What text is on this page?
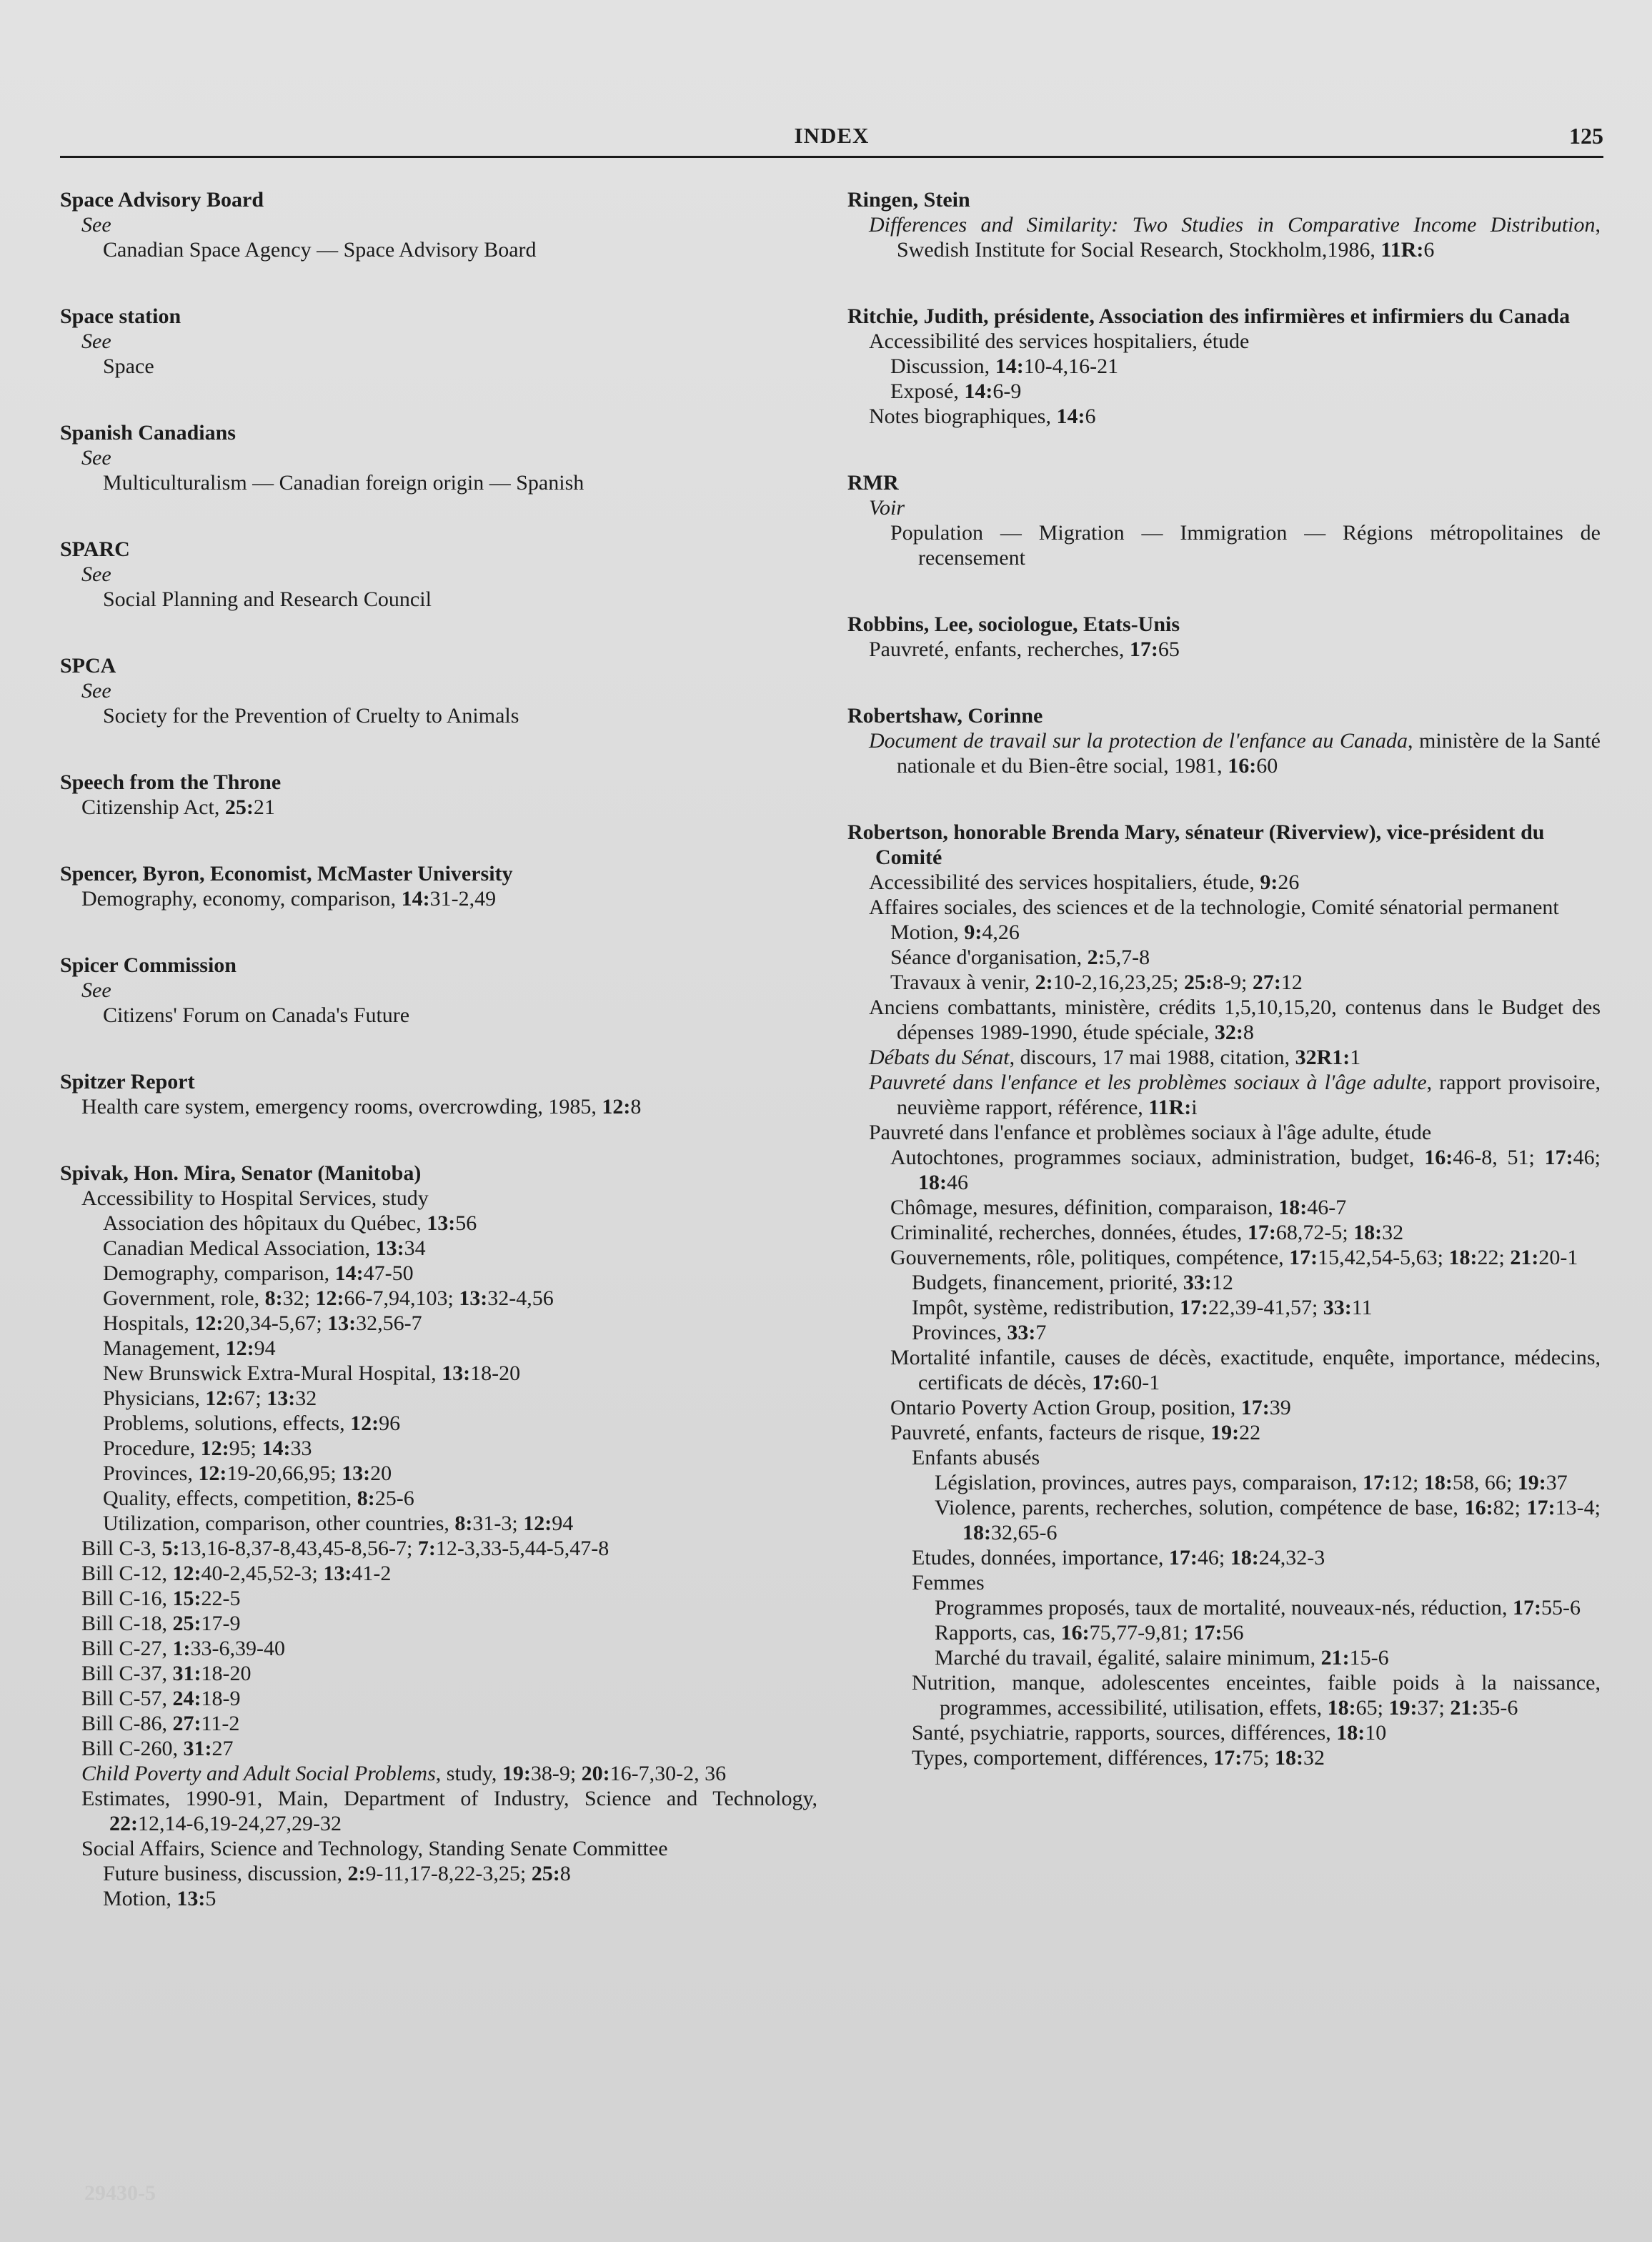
INDEX	125
Space Advisory Board
See
Canadian Space Agency — Space Advisory Board
Space station
See
Space
Spanish Canadians
See
Multiculturalism — Canadian foreign origin — Spanish
SPARC
See
Social Planning and Research Council
SPCA
See
Society for the Prevention of Cruelty to Animals
Speech from the Throne
Citizenship Act, 25:21
Spencer, Byron, Economist, McMaster University
Demography, economy, comparison, 14:31-2,49
Spicer Commission
See
Citizens' Forum on Canada's Future
Spitzer Report
Health care system, emergency rooms, overcrowding, 1985, 12:8
Spivak, Hon. Mira, Senator (Manitoba)
Accessibility to Hospital Services, study
Association des hôpitaux du Québec, 13:56
Canadian Medical Association, 13:34
Demography, comparison, 14:47-50
Government, role, 8:32; 12:66-7,94,103; 13:32-4,56
Hospitals, 12:20,34-5,67; 13:32,56-7
Management, 12:94
New Brunswick Extra-Mural Hospital, 13:18-20
Physicians, 12:67; 13:32
Problems, solutions, effects, 12:96
Procedure, 12:95; 14:33
Provinces, 12:19-20,66,95; 13:20
Quality, effects, competition, 8:25-6
Utilization, comparison, other countries, 8:31-3; 12:94
Bill C-3, 5:13,16-8,37-8,43,45-8,56-7; 7:12-3,33-5,44-5,47-8
Bill C-12, 12:40-2,45,52-3; 13:41-2
Bill C-16, 15:22-5
Bill C-18, 25:17-9
Bill C-27, 1:33-6,39-40
Bill C-37, 31:18-20
Bill C-57, 24:18-9
Bill C-86, 27:11-2
Bill C-260, 31:27
Child Poverty and Adult Social Problems, study, 19:38-9; 20:16-7,30-2, 36
Estimates, 1990-91, Main, Department of Industry, Science and Technology, 22:12,14-6,19-24,27,29-32
Social Affairs, Science and Technology, Standing Senate Committee
Future business, discussion, 2:9-11,17-8,22-3,25; 25:8
Motion, 13:5
Ringen, Stein
Differences and Similarity: Two Studies in Comparative Income Distribution, Swedish Institute for Social Research, Stockholm,1986, 11R:6
Ritchie, Judith, présidente, Association des infirmières et infirmiers du Canada
Accessibilité des services hospitaliers, étude
Discussion, 14:10-4,16-21
Exposé, 14:6-9
Notes biographiques, 14:6
RMR
Voir
Population — Migration — Immigration — Régions métropolitaines de recensement
Robbins, Lee, sociologue, Etats-Unis
Pauvreté, enfants, recherches, 17:65
Robertshaw, Corinne
Document de travail sur la protection de l'enfance au Canada, ministère de la Santé nationale et du Bien-être social, 1981, 16:60
Robertson, honorable Brenda Mary, sénateur (Riverview), vice-président du Comité
Accessibilité des services hospitaliers, étude, 9:26
Affaires sociales, des sciences et de la technologie, Comité sénatorial permanent
Motion, 9:4,26
Séance d'organisation, 2:5,7-8
Travaux à venir, 2:10-2,16,23,25; 25:8-9; 27:12
Anciens combattants, ministère, crédits 1,5,10,15,20, contenus dans le Budget des dépenses 1989-1990, étude spéciale, 32:8
Débats du Sénat, discours, 17 mai 1988, citation, 32R1:1
Pauvreté dans l'enfance et les problèmes sociaux à l'âge adulte, rapport provisoire, neuvième rapport, référence, 11R:i
Pauvreté dans l'enfance et problèmes sociaux à l'âge adulte, étude
Autochtones, programmes sociaux, administration, budget, 16:46-8, 51; 17:46; 18:46
Chômage, mesures, définition, comparaison, 18:46-7
Criminalité, recherches, données, études, 17:68,72-5; 18:32
Gouvernements, rôle, politiques, compétence, 17:15,42,54-5,63; 18:22; 21:20-1
Budgets, financement, priorité, 33:12
Impôt, système, redistribution, 17:22,39-41,57; 33:11
Provinces, 33:7
Mortalité infantile, causes de décès, exactitude, enquête, importance, médecins, certificats de décès, 17:60-1
Ontario Poverty Action Group, position, 17:39
Pauvreté, enfants, facteurs de risque, 19:22
Enfants abusés
Législation, provinces, autres pays, comparaison, 17:12; 18:58, 66; 19:37
Violence, parents, recherches, solution, compétence de base, 16:82; 17:13-4; 18:32,65-6
Etudes, données, importance, 17:46; 18:24,32-3
Femmes
Programmes proposés, taux de mortalité, nouveaux-nés, réduction, 17:55-6
Rapports, cas, 16:75,77-9,81; 17:56
Marché du travail, égalité, salaire minimum, 21:15-6
Nutrition, manque, adolescentes enceintes, faible poids à la naissance, programmes, accessibilité, utilisation, effets, 18:65; 19:37; 21:35-6
Santé, psychiatrie, rapports, sources, différences, 18:10
Types, comportement, différences, 17:75; 18:32
29430-5
